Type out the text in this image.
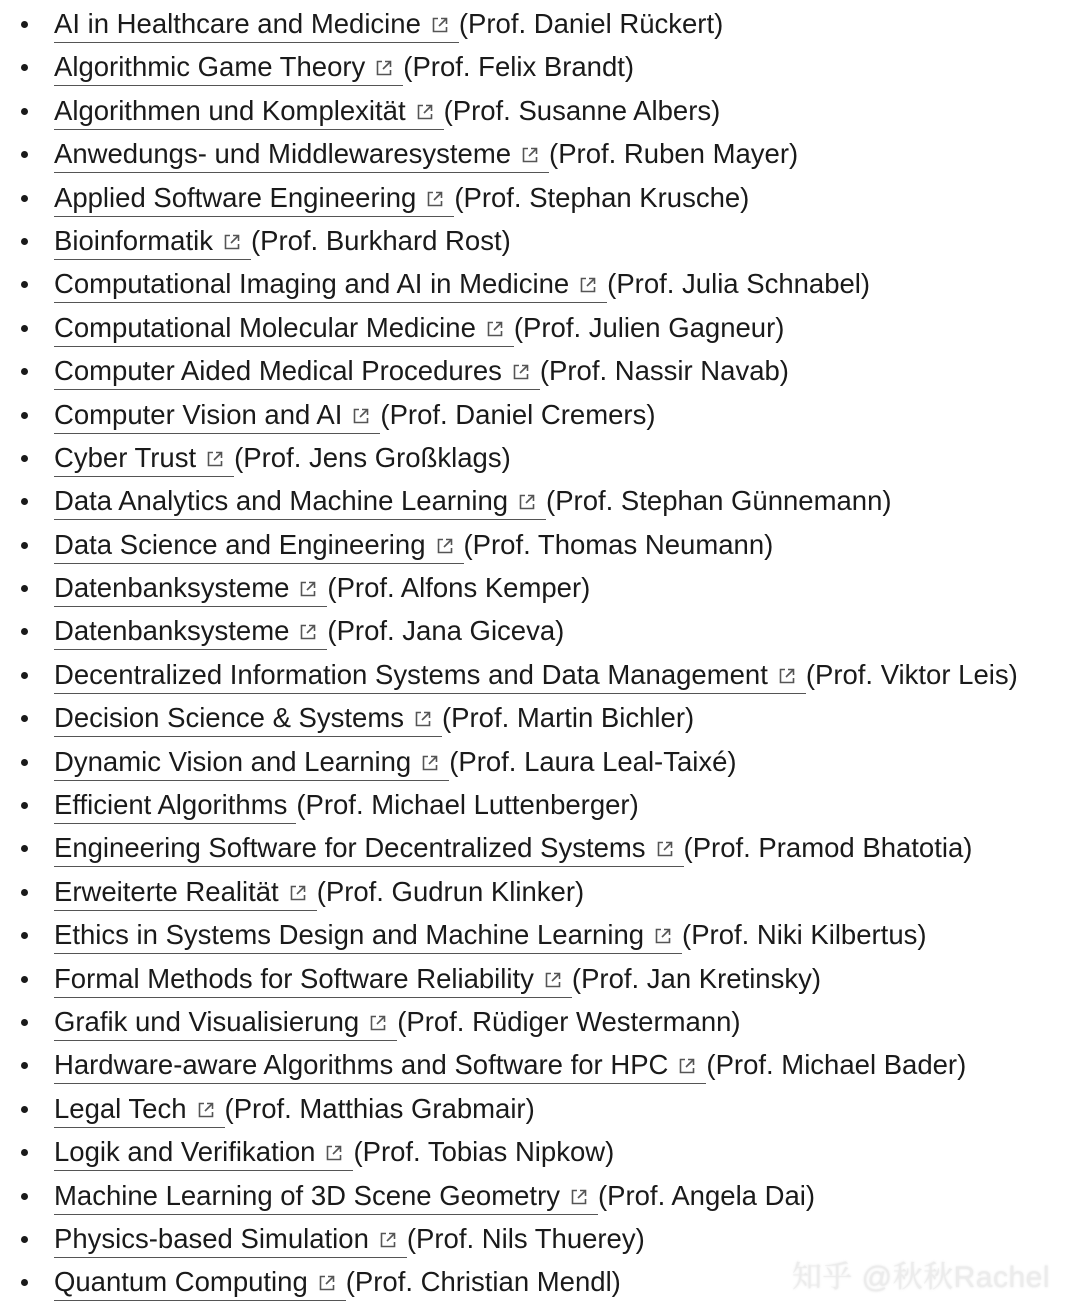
AI in Healthcare and Medicine (Prof. Daniel Rückert)
Algorithmic Game Theory (Prof. Felix Brandt)
Algorithmen und Komplexität (Prof. Susanne Albers)
Anwedungs- und Middlewaresysteme (Prof. Ruben Mayer)
Applied Software Engineering (Prof. Stephan Krusche)
Bioinformatik (Prof. Burkhard Rost)
Computational Imaging and AI in Medicine (Prof. Julia Schnabel)
Computational Molecular Medicine (Prof. Julien Gagneur)
Computer Aided Medical Procedures (Prof. Nassir Navab)
Computer Vision and AI (Prof. Daniel Cremers)
Cyber Trust (Prof. Jens Großklags)
Data Analytics and Machine Learning (Prof. Stephan Günnemann)
Data Science and Engineering (Prof. Thomas Neumann)
Datenbanksysteme (Prof. Alfons Kemper)
Datenbanksysteme (Prof. Jana Giceva)
Decentralized Information Systems and Data Management (Prof. Viktor Leis)
Decision Science & Systems (Prof. Martin Bichler)
Dynamic Vision and Learning (Prof. Laura Leal-Taixé)
Efficient Algorithms (Prof. Michael Luttenberger)
Engineering Software for Decentralized Systems (Prof. Pramod Bhatotia)
Erweiterte Realität (Prof. Gudrun Klinker)
Ethics in Systems Design and Machine Learning (Prof. Niki Kilbertus)
Formal Methods for Software Reliability (Prof. Jan Kretinsky)
Grafik und Visualisierung (Prof. Rüdiger Westermann)
Hardware-aware Algorithms and Software for HPC (Prof. Michael Bader)
Legal Tech (Prof. Matthias Grabmair)
Logik and Verifikation (Prof. Tobias Nipkow)
Machine Learning of 3D Scene Geometry (Prof. Angela Dai)
Physics-based Simulation (Prof. Nils Thuerey)
Quantum Computing (Prof. Christian Mendl)	知乎 @秋秋Rachel
